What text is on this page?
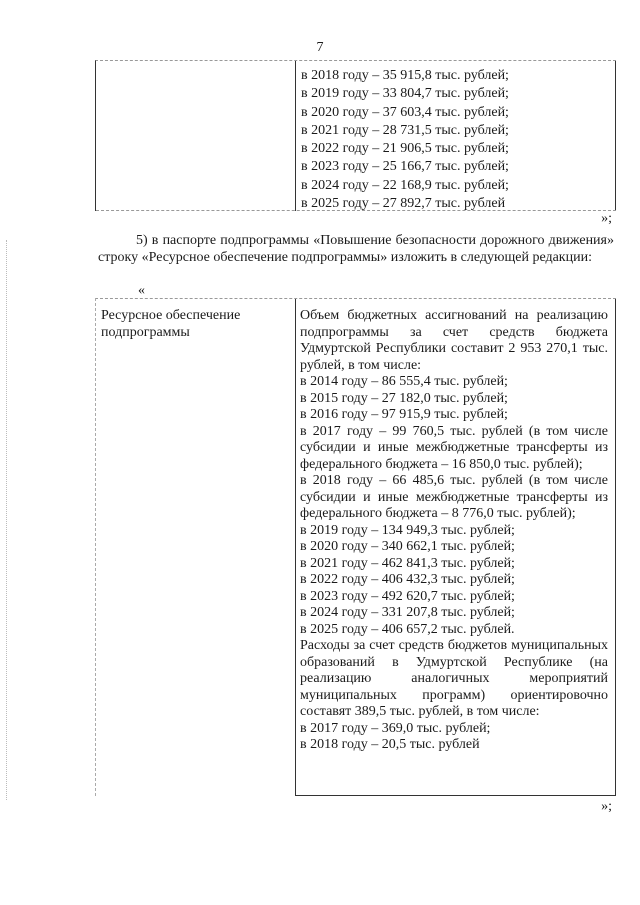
7
в 2018 году – 35 915,8 тыс. рублей;
в 2019 году – 33 804,7 тыс. рублей;
в 2020 году – 37 603,4 тыс. рублей;
в 2021 году – 28 731,5 тыс. рублей;
в 2022 году – 21 906,5 тыс. рублей;
в 2023 году – 25 166,7 тыс. рублей;
в 2024 году – 22 168,9 тыс. рублей;
в 2025 году – 27 892,7 тыс. рублей
»;
5) в паспорте подпрограммы «Повышение безопасности дорожного движения» строку «Ресурсное обеспечение подпрограммы» изложить в следующей редакции:
«
Ресурсное обеспечение подпрограммы
Объем бюджетных ассигнований на реализацию подпрограммы за счет средств бюджета Удмуртской Республики составит 2 953 270,1 тыс. рублей, в том числе:
в 2014 году – 86 555,4 тыс. рублей;
в 2015 году – 27 182,0 тыс. рублей;
в 2016 году – 97 915,9 тыс. рублей;
в 2017 году – 99 760,5 тыс. рублей (в том числе субсидии и иные межбюджетные трансферты из федерального бюджета – 16 850,0 тыс. рублей);
в 2018 году – 66 485,6 тыс. рублей (в том числе субсидии и иные межбюджетные трансферты из федерального бюджета – 8 776,0 тыс. рублей);
в 2019 году – 134 949,3 тыс. рублей;
в 2020 году – 340 662,1 тыс. рублей;
в 2021 году – 462 841,3 тыс. рублей;
в 2022 году – 406 432,3 тыс. рублей;
в 2023 году – 492 620,7 тыс. рублей;
в 2024 году – 331 207,8 тыс. рублей;
в 2025 году – 406 657,2 тыс. рублей.
Расходы за счет средств бюджетов муниципальных образований в Удмуртской Республике (на реализацию аналогичных мероприятий муниципальных программ) ориентировочно составят 389,5 тыс. рублей, в том числе:
в 2017 году – 369,0 тыс. рублей;
в 2018 году – 20,5 тыс. рублей
»;
